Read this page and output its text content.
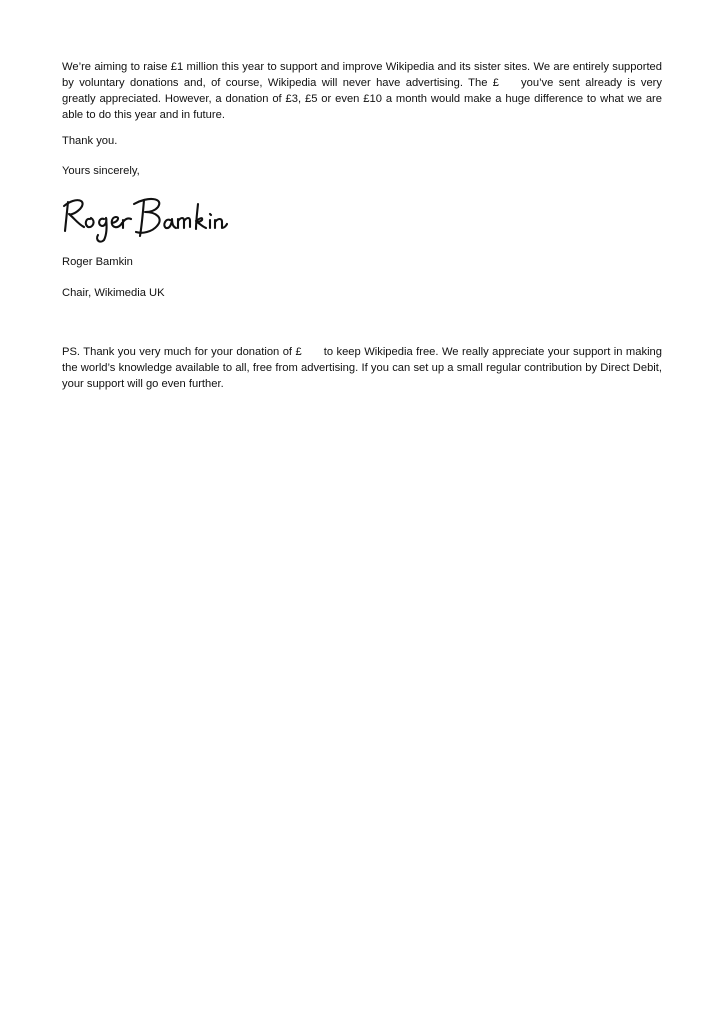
We’re aiming to raise £1 million this year to support and improve Wikipedia and its sister sites. We are entirely supported by voluntary donations and, of course, Wikipedia will never have advertising. The £ you’ve sent already is very greatly appreciated. However, a donation of £3, £5 or even £10 a month would make a huge difference to what we are able to do this year and in future.

Thank you.

Yours sincerely,

Roger Bamkin

Chair, Wikimedia UK

PS. Thank you very much for your donation of £ to keep Wikipedia free. We really appreciate your support in making the world’s knowledge available to all, free from advertising. If you can set up a small regular contribution by Direct Debit, your support will go even further.
